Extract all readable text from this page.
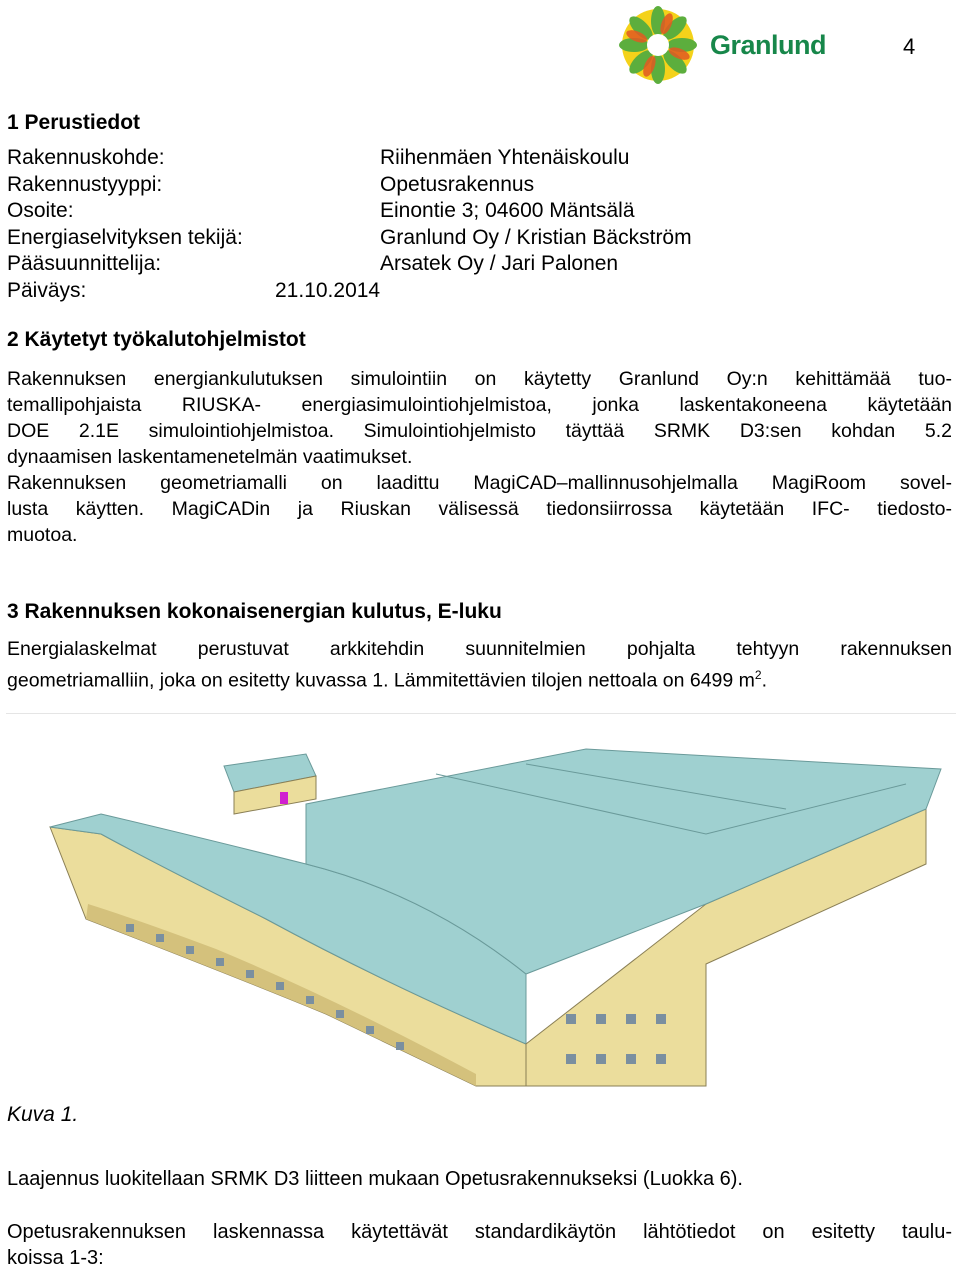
4
Granlund
1 Perustiedot
Rakennuskohde:	Riihenmäen Yhtenäiskoulu
Rakennustyyppi:	Opetusrakennus
Osoite:	Einontie 3; 04600 Mäntsälä
Energiaselvityksen tekijä:	Granlund Oy / Kristian Bäckström
Pääsuunnittelija:	Arsatek Oy / Jari Palonen
Päiväys:	21.10.2014
2 Käytetyt työkalutohjelmistot

Rakennuksen energiankulutuksen simulointiin on käytetty Granlund Oy:n kehittämää tuo-
temallipohjaista RIUSKA- energiasimulointiohjelmistoa, jonka laskentakoneena käytetään
DOE 2.1E simulointiohjelmistoa. Simulointiohjelmisto täyttää SRMK D3:sen kohdan 5.2
dynaamisen laskentamenetelmän vaatimukset.

Rakennuksen geometriamalli on laadittu MagiCAD–mallinnusohjelmalla MagiRoom sovel-
lusta käytten. MagiCADin ja Riuskan välisessä tiedonsiirrossa käytetään IFC- tiedosto-
muotoa.

3 Rakennuksen kokonaisenergian kulutus, E-luku

Energialaskelmat perustuvat arkkitehdin suunnitelmien pohjalta tehtyyn rakennuksen
geometriamalliin, joka on esitetty kuvassa 1. Lämmitettävien tilojen nettoala on 6499 $m^2$.

Kuva 1.

Laajennus luokitellaan SRMK D3 liitteen mukaan Opetusrakennukseksi (Luokka 6).

Opetusrakennuksen laskennassa käytettävät standardikäytön lähtötiedot on esitetty taulu-
koissa 1-3:
